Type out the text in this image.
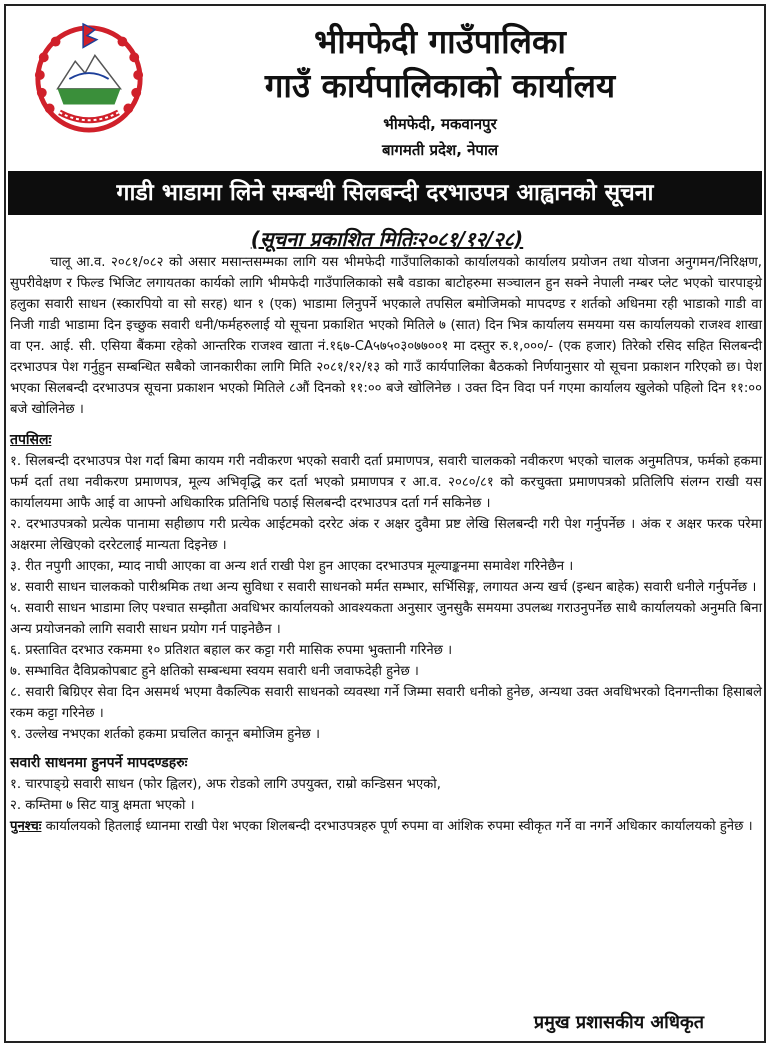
भीमफेदी गाउँपालिका
गाउँ कार्यपालिकाको कार्यालय
भीमफेदी, मकवानपुर
बागमती प्रदेश, नेपाल
गाडी भाडामा लिने सम्बन्धी सिलबन्दी दरभाउपत्र आह्वानको सूचना
(सूचना प्रकाशित मितिः२०८१/१२/२८)

चालू आ.व. २०८१/०८२ को असार मसान्तसम्मका लागि यस भीमफेदी गाउँपालिकाको कार्यालयको कार्यालय प्रयोजन तथा योजना अनुगमन/निरिक्षण, सुपरीवेक्षण र फिल्ड भिजिट लगायतका कार्यको लागि भीमफेदी गाउँपालिकाको सबै वडाका बाटोहरुमा सञ्चालन हुन सक्ने नेपाली नम्बर प्लेट भएको चारपाङ्ग्रे हलुका सवारी साधन (स्कारपियो वा सो सरह) थान १ (एक) भाडामा लिनुपर्ने भएकाले तपसिल बमोजिमको मापदण्ड र शर्तको अधिनमा रही भाडाको गाडी वा निजी गाडी भाडामा दिन इच्छुक सवारी धनी/फर्महरुलाई यो सूचना प्रकाशित भएको मितिले ७ (सात) दिन भित्र कार्यालय समयमा यस कार्यालयको राजश्व शाखा वा एन. आई. सी. एसिया बैंकमा रहेको आन्तरिक राजश्व खाता नं.१६७-CA५७५०३०७७००१ मा दस्तुर रु.१,०००/- (एक हजार) तिरेको रसिद सहित सिलबन्दी दरभाउपत्र पेश गर्नुहुन सम्बन्धित सबैको जानकारीका लागि मिति २०८१/१२/१३ को गाउँ कार्यपालिका बैठकको निर्णयानुसार यो सूचना प्रकाशन गरिएको छ। पेश भएका सिलबन्दी दरभाउपत्र सूचना प्रकाशन भएको मितिले ८औं दिनको ११:०० बजे खोलिनेछ । उक्त दिन विदा पर्न गएमा कार्यालय खुलेको पहिलो दिन ११:०० बजे खोलिनेछ ।

तपसिलः

१. सिलबन्दी दरभाउपत्र पेश गर्दा बिमा कायम गरी नवीकरण भएको सवारी दर्ता प्रमाणपत्र, सवारी चालकको नवीकरण भएको चालक अनुमतिपत्र, फर्मको हकमा फर्म दर्ता तथा नवीकरण प्रमाणपत्र, मूल्य अभिवृद्धि कर दर्ता भएको प्रमाणपत्र र आ.व. २०८०/८१ को करचुक्ता प्रमाणपत्रको प्रतिलिपि संलग्न राखी यस कार्यालयमा आफै आई वा आफ्नो अधिकारिक प्रतिनिधि पठाई सिलबन्दी दरभाउपत्र दर्ता गर्न सकिनेछ ।

२. दरभाउपत्रको प्रत्येक पानामा सहीछाप गरी प्रत्येक आईटमको दररेट अंक र अक्षर दुवैमा प्रष्ट लेखि सिलबन्दी गरी पेश गर्नुपर्नेछ । अंक र अक्षर फरक परेमा अक्षरमा लेखिएको दररेटलाई मान्यता दिइनेछ ।

३. रीत नपुगी आएका, म्याद नाघी आएका वा अन्य शर्त राखी पेश हुन आएका दरभाउपत्र मूल्याङ्कनमा समावेश गरिनेछैन ।

४. सवारी साधन चालकको पारीश्रमिक तथा अन्य सुविधा र सवारी साधनको मर्मत सम्भार, सर्भिसिङ्ग, लगायत अन्य खर्च (इन्धन बाहेक) सवारी धनीले गर्नुपर्नेछ ।

५. सवारी साधन भाडामा लिए पश्चात सम्झौता अवधिभर कार्यालयको आवश्यकता अनुसार जुनसुकै समयमा उपलब्ध गराउनुपर्नेछ साथै कार्यालयको अनुमति बिना अन्य प्रयोजनको लागि सवारी साधन प्रयोग गर्न पाइनेछैन ।

६. प्रस्तावित दरभाउ रकममा १० प्रतिशत बहाल कर कट्टा गरी मासिक रुपमा भुक्तानी गरिनेछ ।

७. सम्भावित दैविप्रकोपबाट हुने क्षतिको सम्बन्धमा स्वयम सवारी धनी जवाफदेही हुनेछ ।

८. सवारी बिग्रिएर सेवा दिन असमर्थ भएमा वैकल्पिक सवारी साधनको व्यवस्था गर्ने जिम्मा सवारी धनीको हुनेछ, अन्यथा उक्त अवधिभरको दिनगन्तीका हिसाबले रकम कट्टा गरिनेछ ।

९. उल्लेख नभएका शर्तको हकमा प्रचलित कानून बमोजिम हुनेछ ।

सवारी साधनमा हुनपर्ने मापदण्डहरुः

१. चारपाङ्ग्रे सवारी साधन (फोर ह्विलर), अफ रोडको लागि उपयुक्त, राम्रो कन्डिसन भएको,

२. कम्तिमा ७ सिट यात्रु क्षमता भएको ।

पुनश्चः कार्यालयको हितलाई ध्यानमा राखी पेश भएका शिलबन्दी दरभाउपत्रहरु पूर्ण रुपमा वा आंशिक रुपमा स्वीकृत गर्ने वा नगर्ने अधिकार कार्यालयको हुनेछ ।

प्रमुख प्रशासकीय अधिकृत
